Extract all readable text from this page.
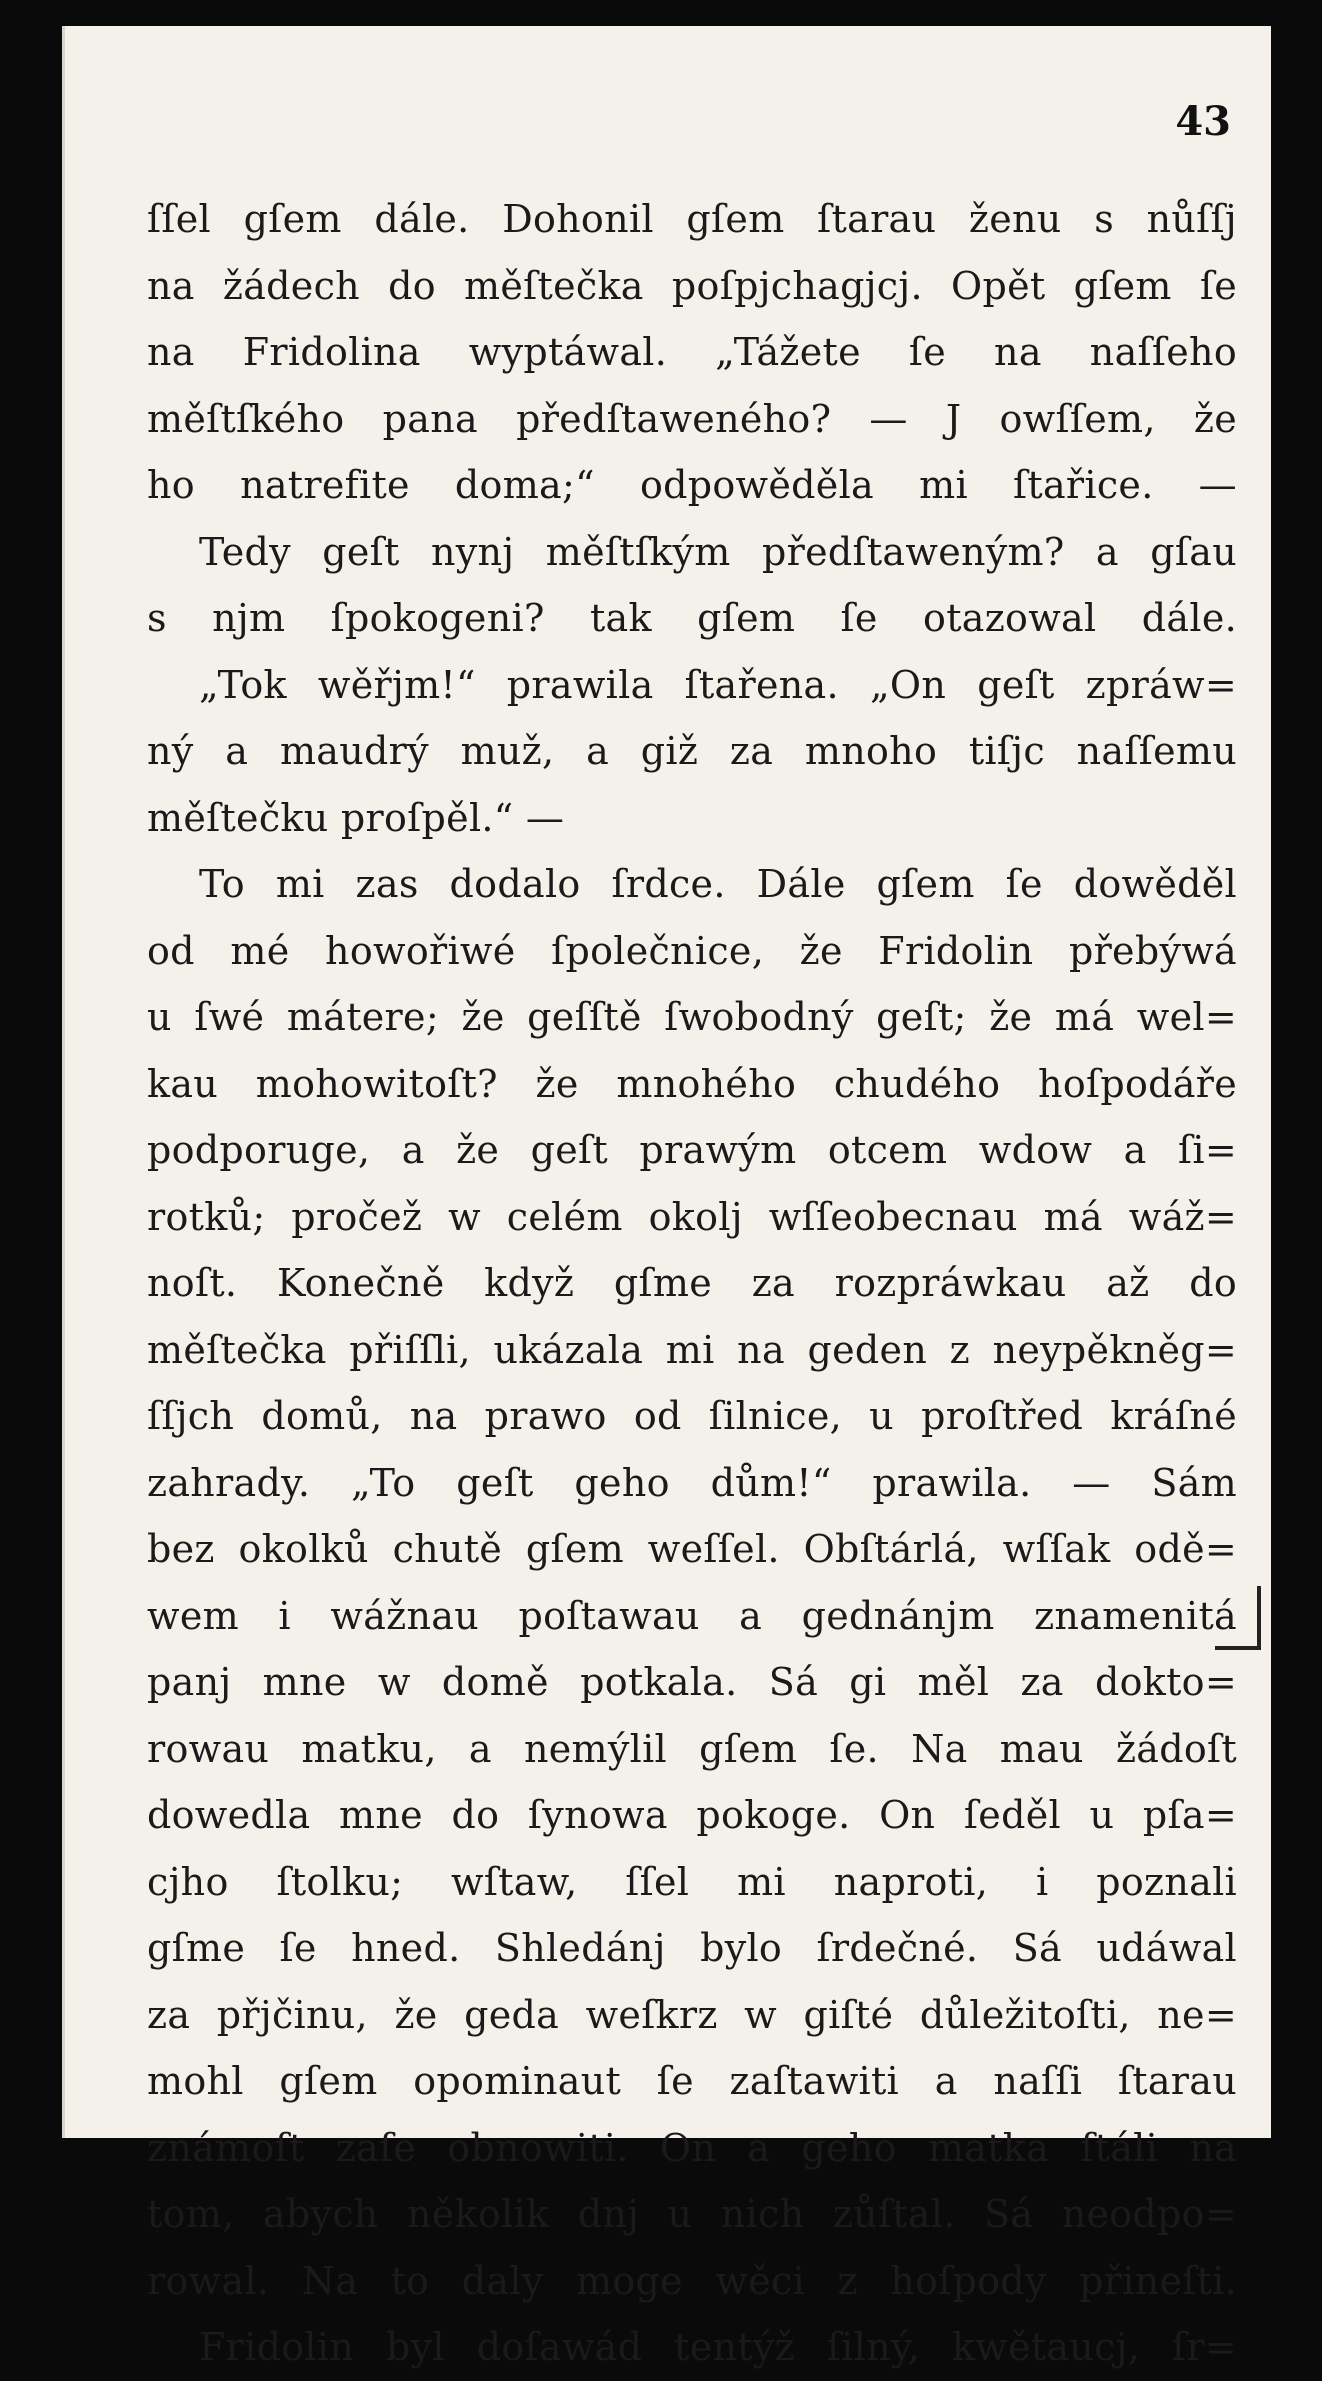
43
ſſel gſem dále. Dohonil gſem ſtarau ženu s nůſſj
na žádech do měſtečka poſpjchagjcj. Opět gſem ſe
na Fridolina wyptáwal. „Tážete ſe na naſſeho
měſtſkého pana předſtaweného? — J owſſem, že
ho natrefite doma;“ odpowěděla mi ſtařice. —
Tedy geſt nynj měſtſkým předſtaweným? a gſau
s njm ſpokogeni? tak gſem ſe otazowal dále.
„Tok wěřjm!“ prawila ſtařena. „On geſt zpráw=
ný a maudrý muž, a giž za mnoho tiſjc naſſemu
měſtečku proſpěl.“ —
To mi zas dodalo ſrdce. Dále gſem ſe dowěděl
od mé howořiwé ſpolečnice, že Fridolin přebýwá
u ſwé mátere; že geſſtě ſwobodný geſt; že má wel=
kau mohowitoſt? že mnohého chudého hoſpodáře
podporuge, a že geſt prawým otcem wdow a ſi=
rotků; pročež w celém okolj wſſeobecnau má wáž=
noſt. Konečně když gſme za rozpráwkau až do
měſtečka přiſſli, ukázala mi na geden z neypěkněg=
ſſjch domů, na prawo od ſilnice, u proſtřed kráſné
zahrady. „To geſt geho dům!“ prawila. — Sám
bez okolků chutě gſem weſſel. Obſtárlá, wſſak odě=
wem i wážnau poſtawau a gednánjm znamenitá
panj mne w domě potkala. Sá gi měl za dokto=
rowau matku, a nemýlil gſem ſe. Na mau žádoſt
dowedla mne do ſynowa pokoge. On ſeděl u pſa=
cjho ſtolku; wſtaw, ſſel mi naproti, i poznali
gſme ſe hned. Shledánj bylo ſrdečné. Sá udáwal
za přjčinu, že geda weſkrz w giſté důležitoſti, ne=
mohl gſem opominaut ſe zaſtawiti a naſſi ſtarau
známoſt zaſe obnowiti. On a geho matka ſtáli na
tom, abych několik dnj u nich zůſtal. Sá neodpo=
rowal. Na to daly moge wěci z hoſpody přineſti.
Fridolin byl doſawád tentýž ſilný, kwětaucj, ſr=
